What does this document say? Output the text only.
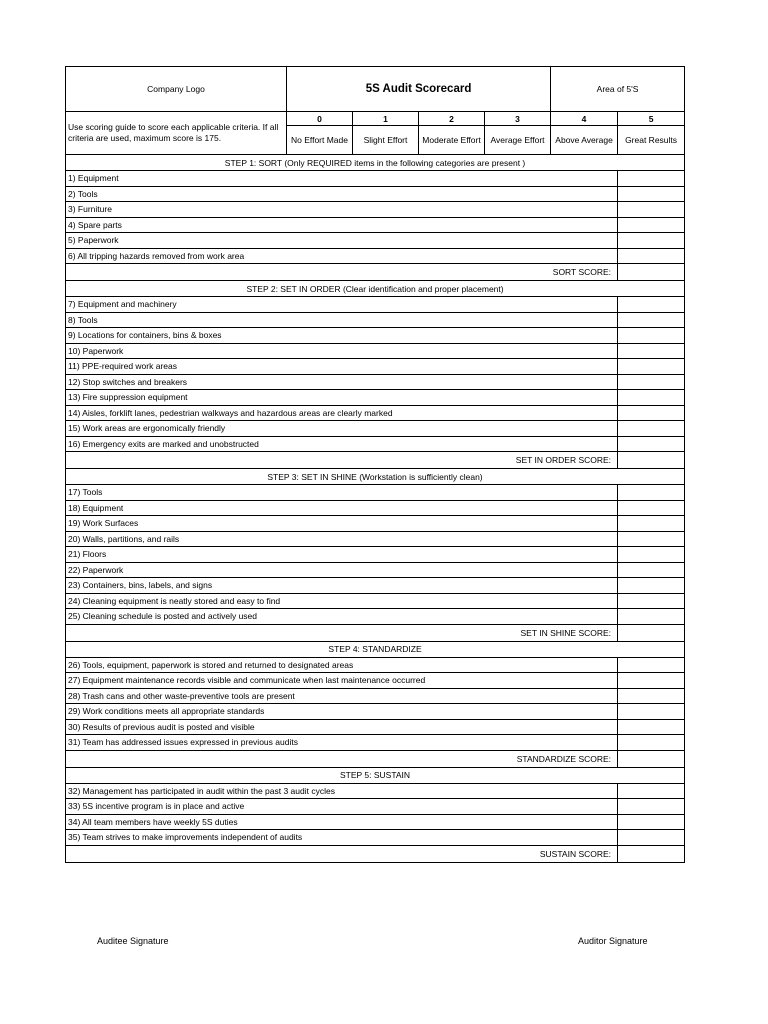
Company Logo	5S Audit Scorecard				Area of 5'S	
Use scoring guide to score each applicable criteria. If all criteria are used, maximum score is 175.	0	1	2	3	4	5
	No Effort Made	Slight Effort	Moderate Effort	Average Effort	Above Average	Great Results
STEP 1: SORT (Only REQUIRED items in the following categories are present )						
1) Equipment						
2) Tools						
3) Furniture						
4) Spare parts						
5) Paperwork						
6) All tripping hazards removed from work area						
SORT SCORE:						
STEP 2: SET IN ORDER (Clear identification and proper placement)						
7) Equipment and machinery						
8) Tools						
9) Locations for containers, bins & boxes						
10) Paperwork						
11) PPE-required work areas						
12) Stop switches and breakers						
13) Fire suppression equipment						
14) Aisles, forklift lanes, pedestrian walkways and hazardous areas are clearly marked						
15) Work areas are ergonomically friendly						
16) Emergency exits are marked and unobstructed						
SET IN ORDER SCORE:						
STEP 3: SET IN SHINE (Workstation is sufficiently clean)						
17) Tools						
18) Equipment						
19) Work Surfaces						
20) Walls, partitions, and rails						
21) Floors						
22) Paperwork						
23) Containers, bins, labels, and signs						
24) Cleaning equipment is neatly stored and easy to find						
25) Cleaning schedule is posted and actively used						
SET IN SHINE SCORE:						
STEP 4: STANDARDIZE						
26) Tools, equipment, paperwork is stored and returned to designated areas						
27) Equipment maintenance records visible and communicate when last maintenance occurred						
28) Trash cans and other waste-preventive tools are present						
29) Work conditions meets all appropriate standards						
30) Results of previous audit is posted and visible						
31) Team has addressed issues expressed in previous audits						
STANDARDIZE SCORE:						
STEP 5: SUSTAIN						
32) Management has participated in audit within the past 3 audit cycles						
33) 5S incentive program is in place and active						
34) All team members have weekly 5S duties						
35) Team strives to make improvements independent of audits						
SUSTAIN SCORE:						
Auditee Signature	Auditor Signature
